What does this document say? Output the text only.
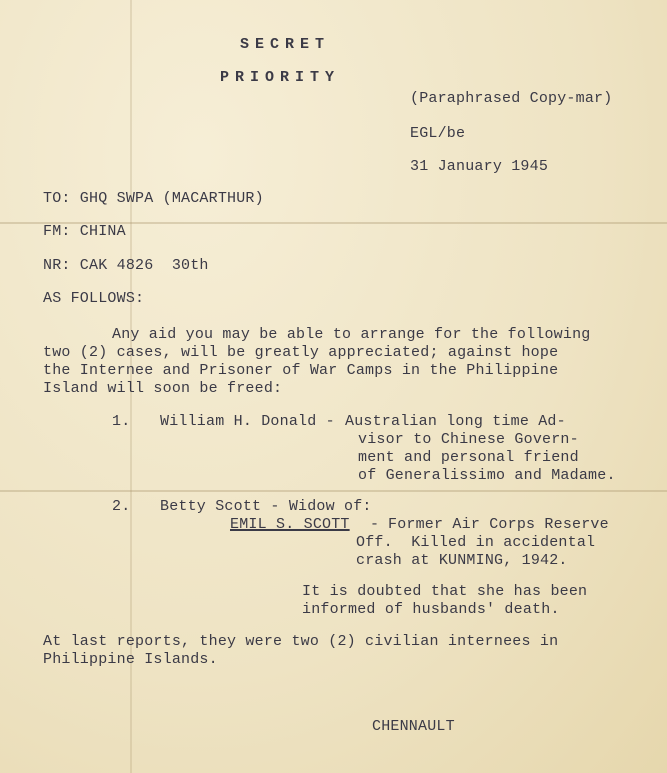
SECRET
PRIORITY
(Paraphrased Copy-mar)
EGL/be
31 January 1945
TO: GHQ SWPA (MACARTHUR)
FM: CHINA
NR: CAK 4826  30th
AS FOLLOWS:
Any aid you may be able to arrange for the following
two (2) cases, will be greatly appreciated; against hope
the Internee and Prisoner of War Camps in the Philippine
Island will soon be freed:
1. William H. Donald - Australian long time Ad-
visor to Chinese Govern-
ment and personal friend
of Generalissimo and Madame.
2. Betty Scott - Widow of:
EMIL S. SCOTT - Former Air Corps Reserve
Off.  Killed in accidental
crash at KUNMING, 1942.
It is doubted that she has been
informed of husbands' death.
At last reports, they were two (2) civilian internees in
Philippine Islands.
CHENNAULT
